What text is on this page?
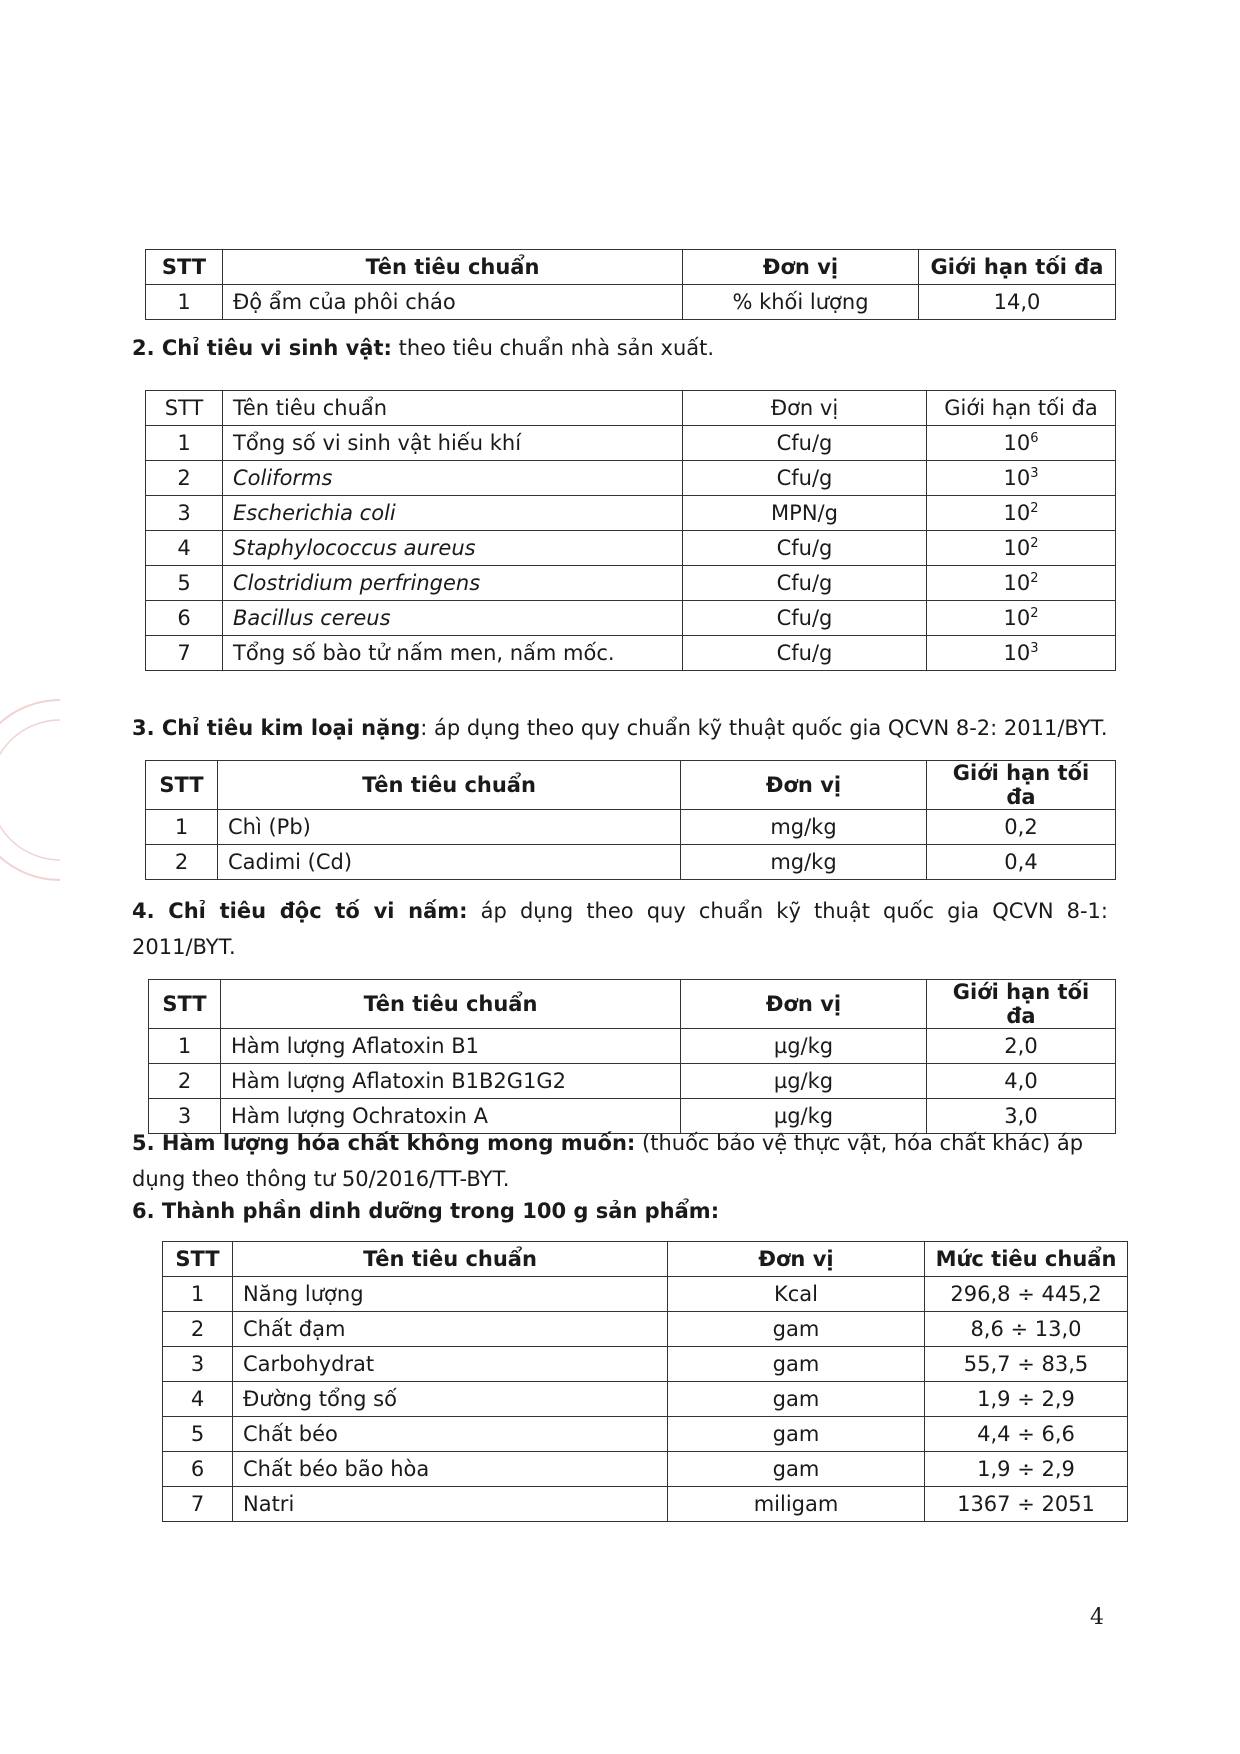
STT	Tên tiêu chuẩn	Đơn vị	Giới hạn tối đa
1	Độ ẩm của phôi cháo	% khối lượng	14,0
2. Chỉ tiêu vi sinh vật: theo tiêu chuẩn nhà sản xuất.
STT	Tên tiêu chuẩn	Đơn vị	Giới hạn tối đa
1	Tổng số vi sinh vật hiếu khí	Cfu/g	$10^6$
2	Coliforms	Cfu/g	$10^3$
3	Escherichia coli	MPN/g	$10^2$
4	Staphylococcus aureus	Cfu/g	$10^2$
5	Clostridium perfringens	Cfu/g	$10^2$
6	Bacillus cereus	Cfu/g	$10^2$
7	Tổng số bào tử nấm men, nấm mốc.	Cfu/g	$10^3$
3. Chỉ tiêu kim loại nặng: áp dụng theo quy chuẩn kỹ thuật quốc gia QCVN 8-2: 2011/BYT.
STT	Tên tiêu chuẩn	Đơn vị	Giới hạn tối đa
1	Chì (Pb)	mg/kg	0,2
2	Cadimi (Cd)	mg/kg	0,4
4. Chỉ tiêu độc tố vi nấm: áp dụng theo quy chuẩn kỹ thuật quốc gia QCVN 8-1: 2011/BYT.
STT	Tên tiêu chuẩn	Đơn vị	Giới hạn tối đa
1	Hàm lượng Aflatoxin B1	µg/kg	2,0
2	Hàm lượng Aflatoxin B1B2G1G2	µg/kg	4,0
3	Hàm lượng Ochratoxin A	µg/kg	3,0
5. Hàm lượng hóa chất không mong muốn: (thuốc bảo vệ thực vật, hóa chất khác) áp dụng theo thông tư 50/2016/TT-BYT.
6. Thành phần dinh dưỡng trong 100 g sản phẩm:
STT	Tên tiêu chuẩn	Đơn vị	Mức tiêu chuẩn
1	Năng lượng	Kcal	296,8 ÷ 445,2
2	Chất đạm	gam	8,6 ÷ 13,0
3	Carbohydrat	gam	55,7 ÷ 83,5
4	Đường tổng số	gam	1,9 ÷ 2,9
5	Chất béo	gam	4,4 ÷ 6,6
6	Chất béo bão hòa	gam	1,9 ÷ 2,9
7	Natri	miligam	1367 ÷ 2051
4
